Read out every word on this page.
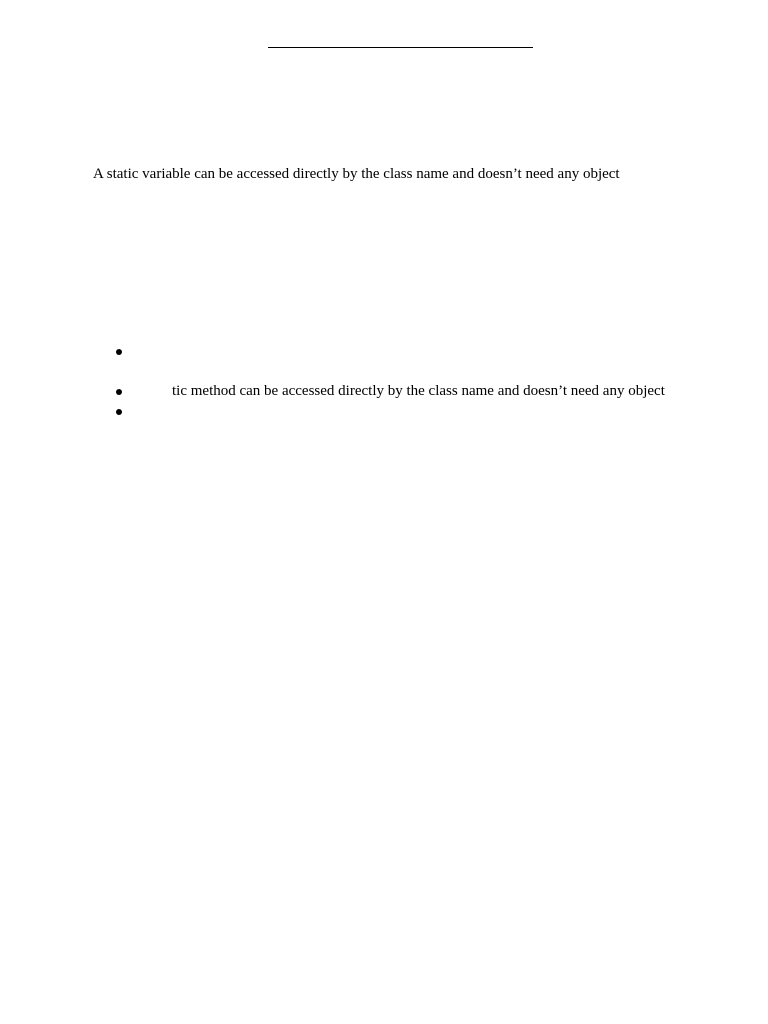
A static variable can be accessed directly by the class name and doesn’t need any object
tic method can be accessed directly by the class name and doesn’t need any object
